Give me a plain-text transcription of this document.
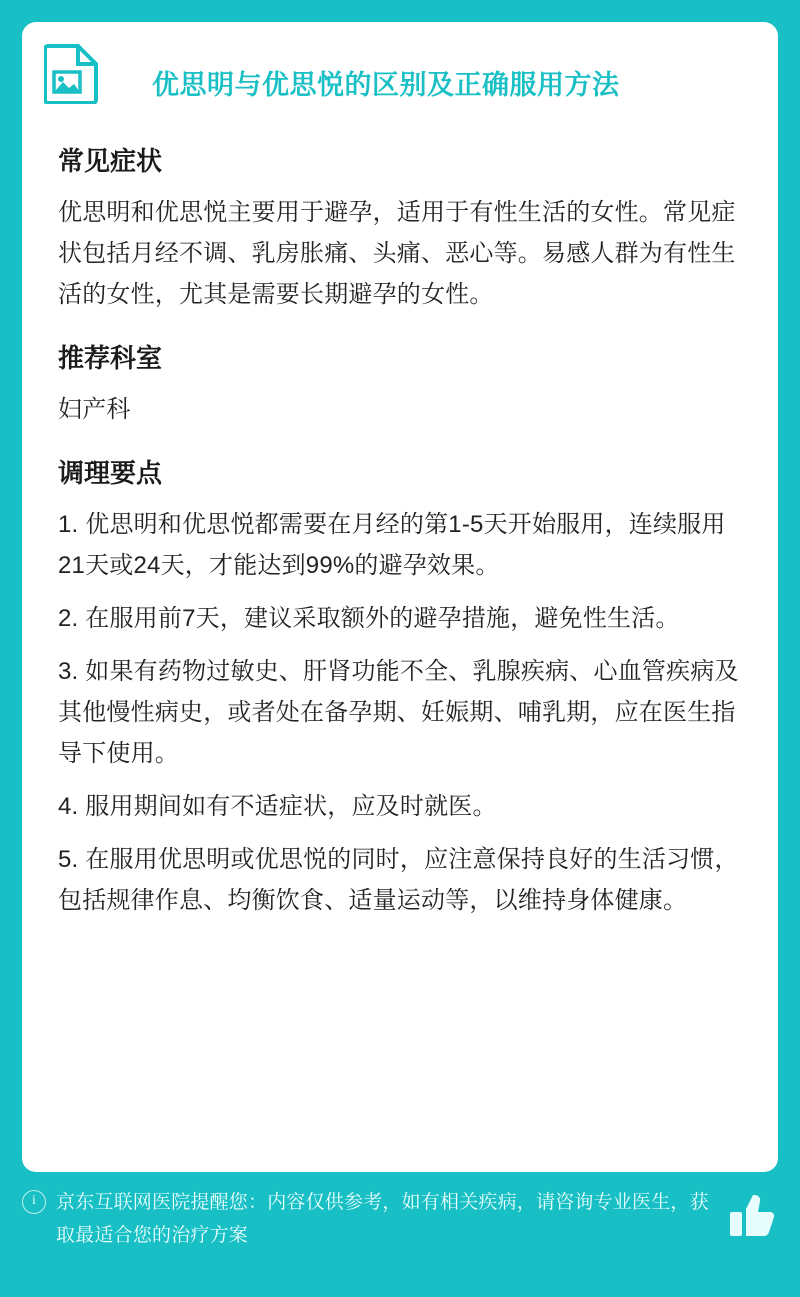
优思明与优思悦的区别及正确服用方法
常见症状

优思明和优思悦主要用于避孕，适用于有性生活的女性。常见症状包括月经不调、乳房胀痛、头痛、恶心等。易感人群为有性生活的女性，尤其是需要长期避孕的女性。

推荐科室

妇产科

调理要点

1. 优思明和优思悦都需要在月经的第1-5天开始服用，连续服用21天或24天，才能达到99%的避孕效果。

2. 在服用前7天，建议采取额外的避孕措施，避免性生活。

3. 如果有药物过敏史、肝肾功能不全、乳腺疾病、心血管疾病及其他慢性病史，或者处在备孕期、妊娠期、哺乳期，应在医生指导下使用。

4. 服用期间如有不适症状，应及时就医。

5. 在服用优思明或优思悦的同时，应注意保持良好的生活习惯，包括规律作息、均衡饮食、适量运动等，以维持身体健康。

i	京东互联网医院提醒您：内容仅供参考，如有相关疾病，请咨询专业医生，获取最适合您的治疗方案
